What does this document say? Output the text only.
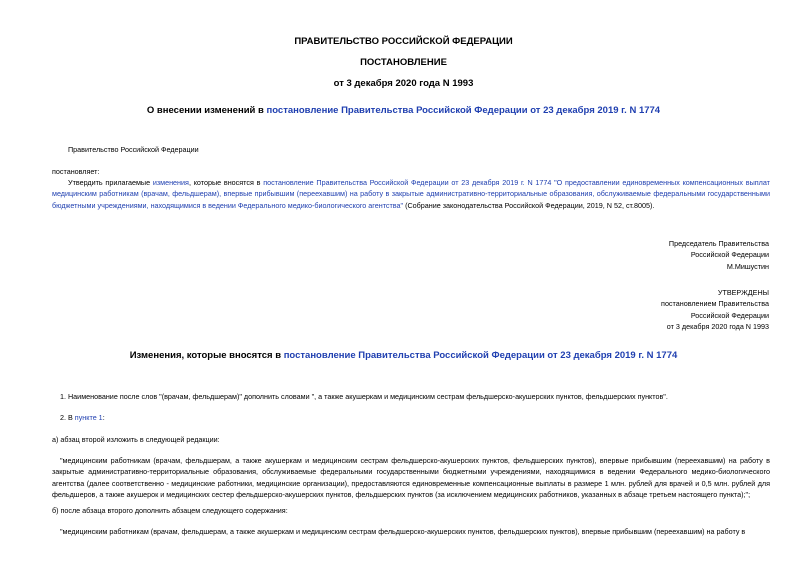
ПРАВИТЕЛЬСТВО РОССИЙСКОЙ ФЕДЕРАЦИИ
ПОСТАНОВЛЕНИЕ
от 3 декабря 2020 года N 1993
О внесении изменений в постановление Правительства Российской Федерации от 23 декабря 2019 г. N 1774
Правительство Российской Федерации
постановляет:
Утвердить прилагаемые изменения, которые вносятся в постановление Правительства Российской Федерации от 23 декабря 2019 г. N 1774 "О предоставлении единовременных компенсационных выплат медицинским работникам (врачам, фельдшерам), впервые прибывшим (переехавшим) на работу в закрытые административно-территориальные образования, обслуживаемые федеральными государственными бюджетными учреждениями, находящимися в ведении Федерального медико-биологического агентства" (Собрание законодательства Российской Федерации, 2019, N 52, ст.8005).
Председатель Правительства
Российской Федерации
М.Мишустин
УТВЕРЖДЕНЫ
постановлением Правительства
Российской Федерации
от 3 декабря 2020 года N 1993
Изменения, которые вносятся в постановление Правительства Российской Федерации от 23 декабря 2019 г. N 1774
1. Наименование после слов "(врачам, фельдшерам)" дополнить словами ", а также акушеркам и медицинским сестрам фельдшерско-акушерских пунктов, фельдшерских пунктов".
2. В пункте 1:
а) абзац второй изложить в следующей редакции:
"медицинским работникам (врачам, фельдшерам, а также акушеркам и медицинским сестрам фельдшерско-акушерских пунктов, фельдшерских пунктов), впервые прибывшим (переехавшим) на работу в закрытые административно-территориальные образования, обслуживаемые федеральными государственными бюджетными учреждениями, находящимися в ведении Федерального медико-биологического агентства (далее соответственно - медицинские работники, медицинские организации), предоставляются единовременные компенсационные выплаты в размере 1 млн. рублей для врачей и 0,5 млн. рублей для фельдшеров, а также акушерок и медицинских сестер фельдшерско-акушерских пунктов, фельдшерских пунктов (за исключением медицинских работников, указанных в абзаце третьем настоящего пункта);";
б) после абзаца второго дополнить абзацем следующего содержания:
"медицинским работникам (врачам, фельдшерам, а также акушеркам и медицинским сестрам фельдшерско-акушерских пунктов, фельдшерских пунктов), впервые прибывшим (переехавшим) на работу в
